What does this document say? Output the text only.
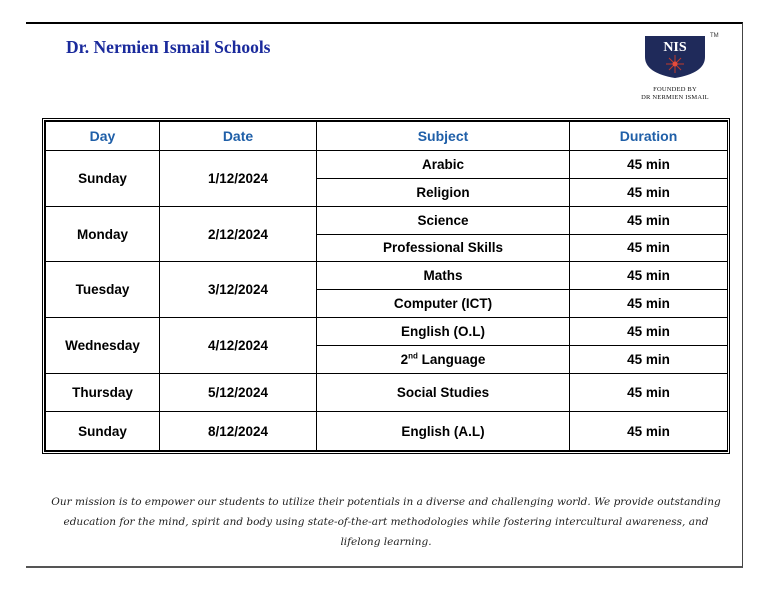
Dr. Nermien Ismail Schools	NIS
TM
FOUNDED BY
DR NERMIEN ISMAIL
Day	Date	Subject	Duration
Sunday	1/12/2024	Arabic	45 min
		Religion	45 min
Monday	2/12/2024	Science	45 min
		Professional Skills	45 min
Tuesday	3/12/2024	Maths	45 min
		Computer (ICT)	45 min
Wednesday	4/12/2024	English (O.L)	45 min
		2nd Language	45 min
Thursday	5/12/2024	Social Studies	45 min
Sunday	8/12/2024	English (A.L)	45 min
Our mission is to empower our students to utilize their potentials in a diverse and challenging world. We provide outstanding education for the mind, spirit and body using state-of-the-art methodologies while fostering intercultural awareness, and lifelong learning.
